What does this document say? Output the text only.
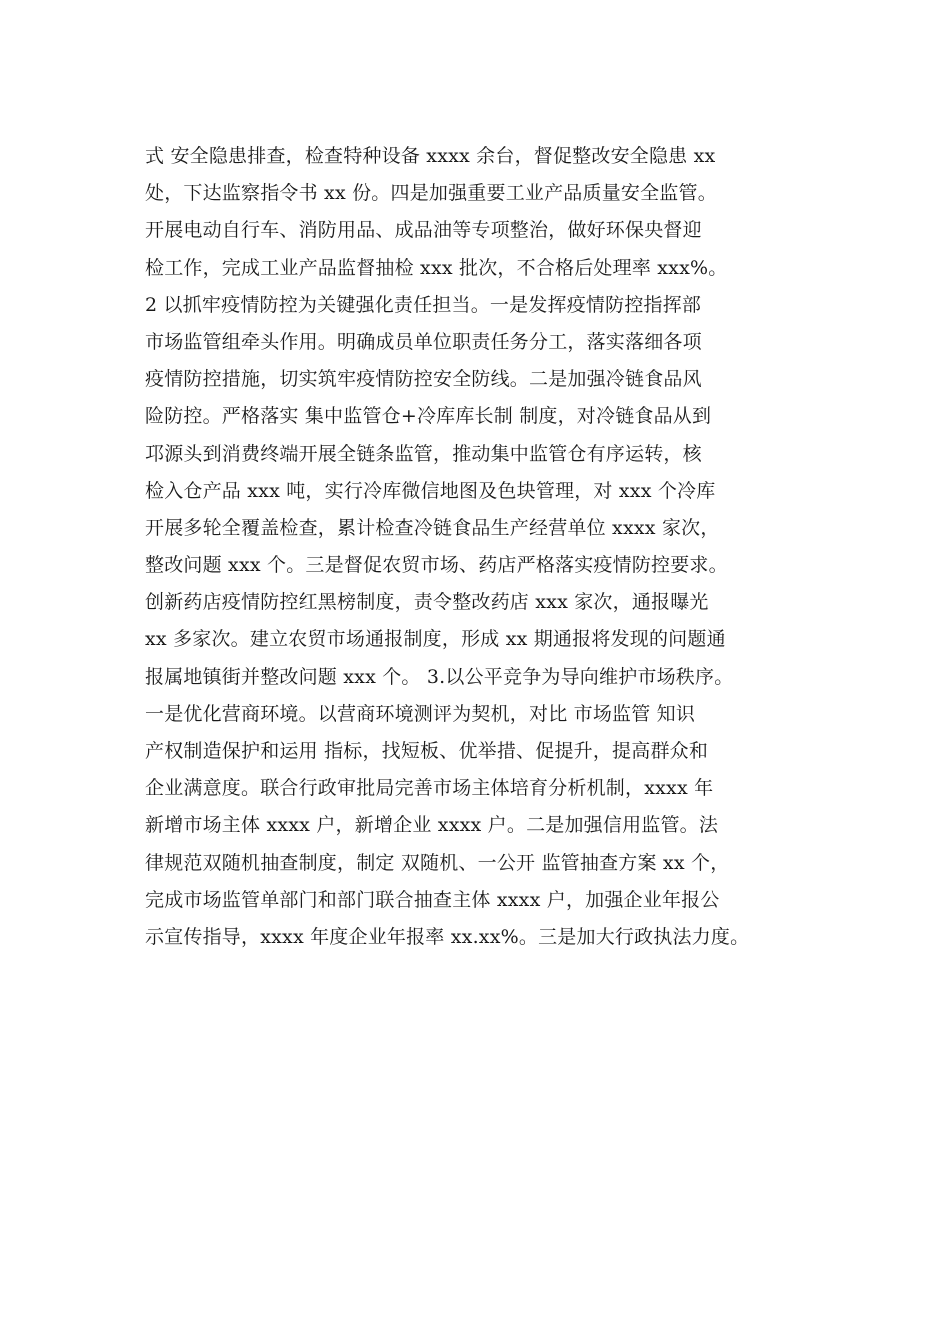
式 安全隐患排查，检查特种设备 xxxx 余台，督促整改安全隐患 xx
处，下达监察指令书 xx 份。四是加强重要工业产品质量安全监管。
开展电动自行车、消防用品、成品油等专项整治，做好环保央督迎
检工作，完成工业产品监督抽检 xxx 批次，不合格后处理率 xxx%。
2 以抓牢疫情防控为关键强化责任担当。一是发挥疫情防控指挥部
市场监管组牵头作用。明确成员单位职责任务分工，落实落细各项
疫情防控措施，切实筑牢疫情防控安全防线。二是加强冷链食品风
险防控。严格落实 集中监管仓+冷库库长制 制度，对冷链食品从到
邛源头到消费终端开展全链条监管，推动集中监管仓有序运转，核
检入仓产品 xxx 吨，实行冷库微信地图及色块管理，对 xxx 个冷库
开展多轮全覆盖检查，累计检查冷链食品生产经营单位 xxxx 家次，
整改问题 xxx 个。三是督促农贸市场、药店严格落实疫情防控要求。
创新药店疫情防控红黑榜制度，责令整改药店 xxx 家次，通报曝光
xx 多家次。建立农贸市场通报制度，形成 xx 期通报将发现的问题通
报属地镇街并整改问题 xxx 个。 3.以公平竞争为导向维护市场秩序。
一是优化营商环境。以营商环境测评为契机，对比 市场监管 知识
产权制造保护和运用 指标，找短板、优举措、促提升，提高群众和
企业满意度。联合行政审批局完善市场主体培育分析机制，xxxx 年
新增市场主体 xxxx 户，新增企业 xxxx 户。二是加强信用监管。法
律规范双随机抽查制度，制定 双随机、一公开 监管抽查方案 xx 个，
完成市场监管单部门和部门联合抽查主体 xxxx 户，加强企业年报公
示宣传指导，xxxx 年度企业年报率 xx.xx%。三是加大行政执法力度。
